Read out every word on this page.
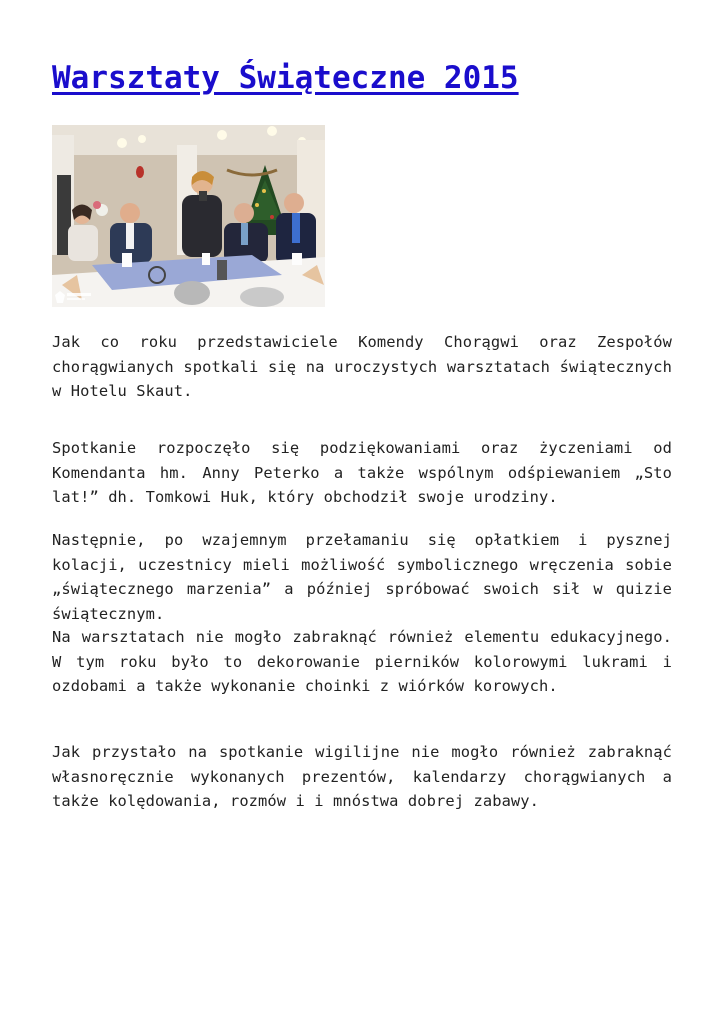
Warsztaty Świąteczne 2015

Jak co roku przedstawiciele Komendy Chorągwi oraz Zespołów chorągwianych spotkali się na uroczystych warsztatach świątecznych w Hotelu Skaut.

Spotkanie rozpoczęło się podziękowaniami oraz życzeniami od Komendanta hm. Anny Peterko a także wspólnym odśpiewaniem „Sto lat!” dh. Tomkowi Huk, który obchodził swoje urodziny.

Następnie, po wzajemnym przełamaniu się opłatkiem i pysznej kolacji, uczestnicy mieli możliwość symbolicznego wręczenia sobie „świątecznego marzenia” a później spróbować swoich sił w quizie świątecznym.

Na warsztatach nie mogło zabraknąć również elementu edukacyjnego. W tym roku było to dekorowanie pierników kolorowymi lukrami i ozdobami a także wykonanie choinki z wiórków korowych.

Jak przystało na spotkanie wigilijne nie mogło również zabraknąć własnoręcznie wykonanych prezentów, kalendarzy chorągwianych a także kolędowania, rozmów i i mnóstwa dobrej zabawy.
